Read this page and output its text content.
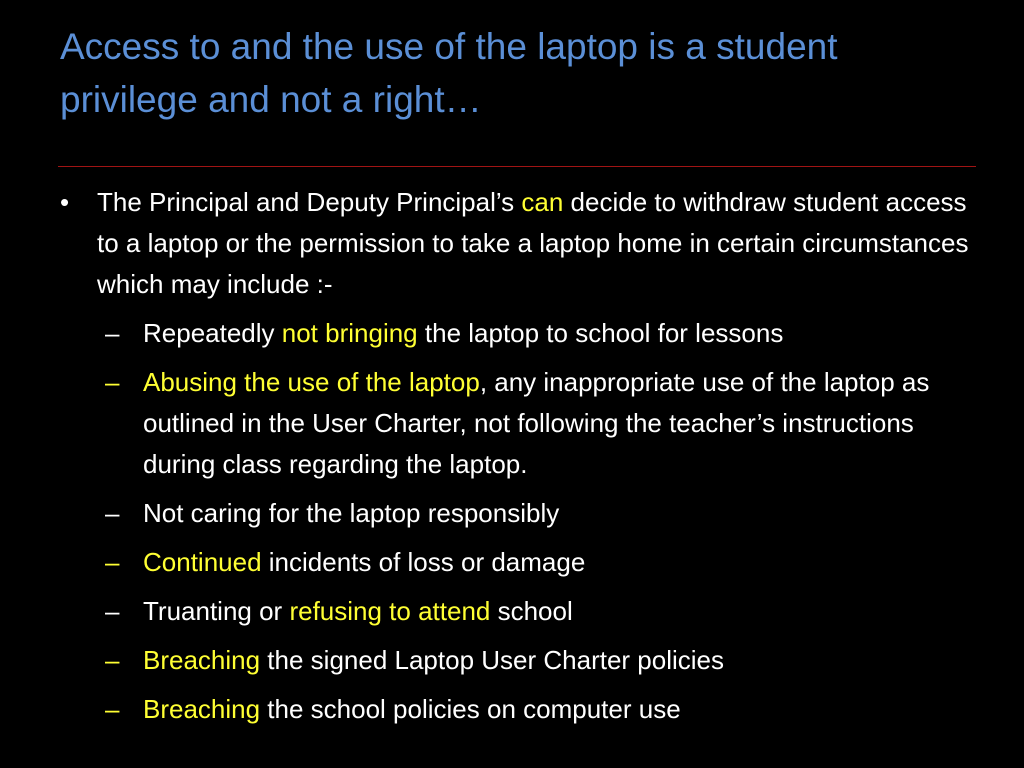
Access to and the use of the laptop is a student privilege and not a right…

•	The Principal and Deputy Principal’s can decide to withdraw student access to a laptop or the permission to take a laptop home in certain circumstances which may include :-

– Repeatedly not bringing the laptop to school for lessons

– Abusing the use of the laptop, any inappropriate use of the laptop as outlined in the User Charter, not following the teacher’s instructions during class regarding the laptop.

– Not caring for the laptop responsibly

– Continued incidents of loss or damage

– Truanting or refusing to attend school

– Breaching the signed Laptop User Charter policies

– Breaching the school policies on computer use
